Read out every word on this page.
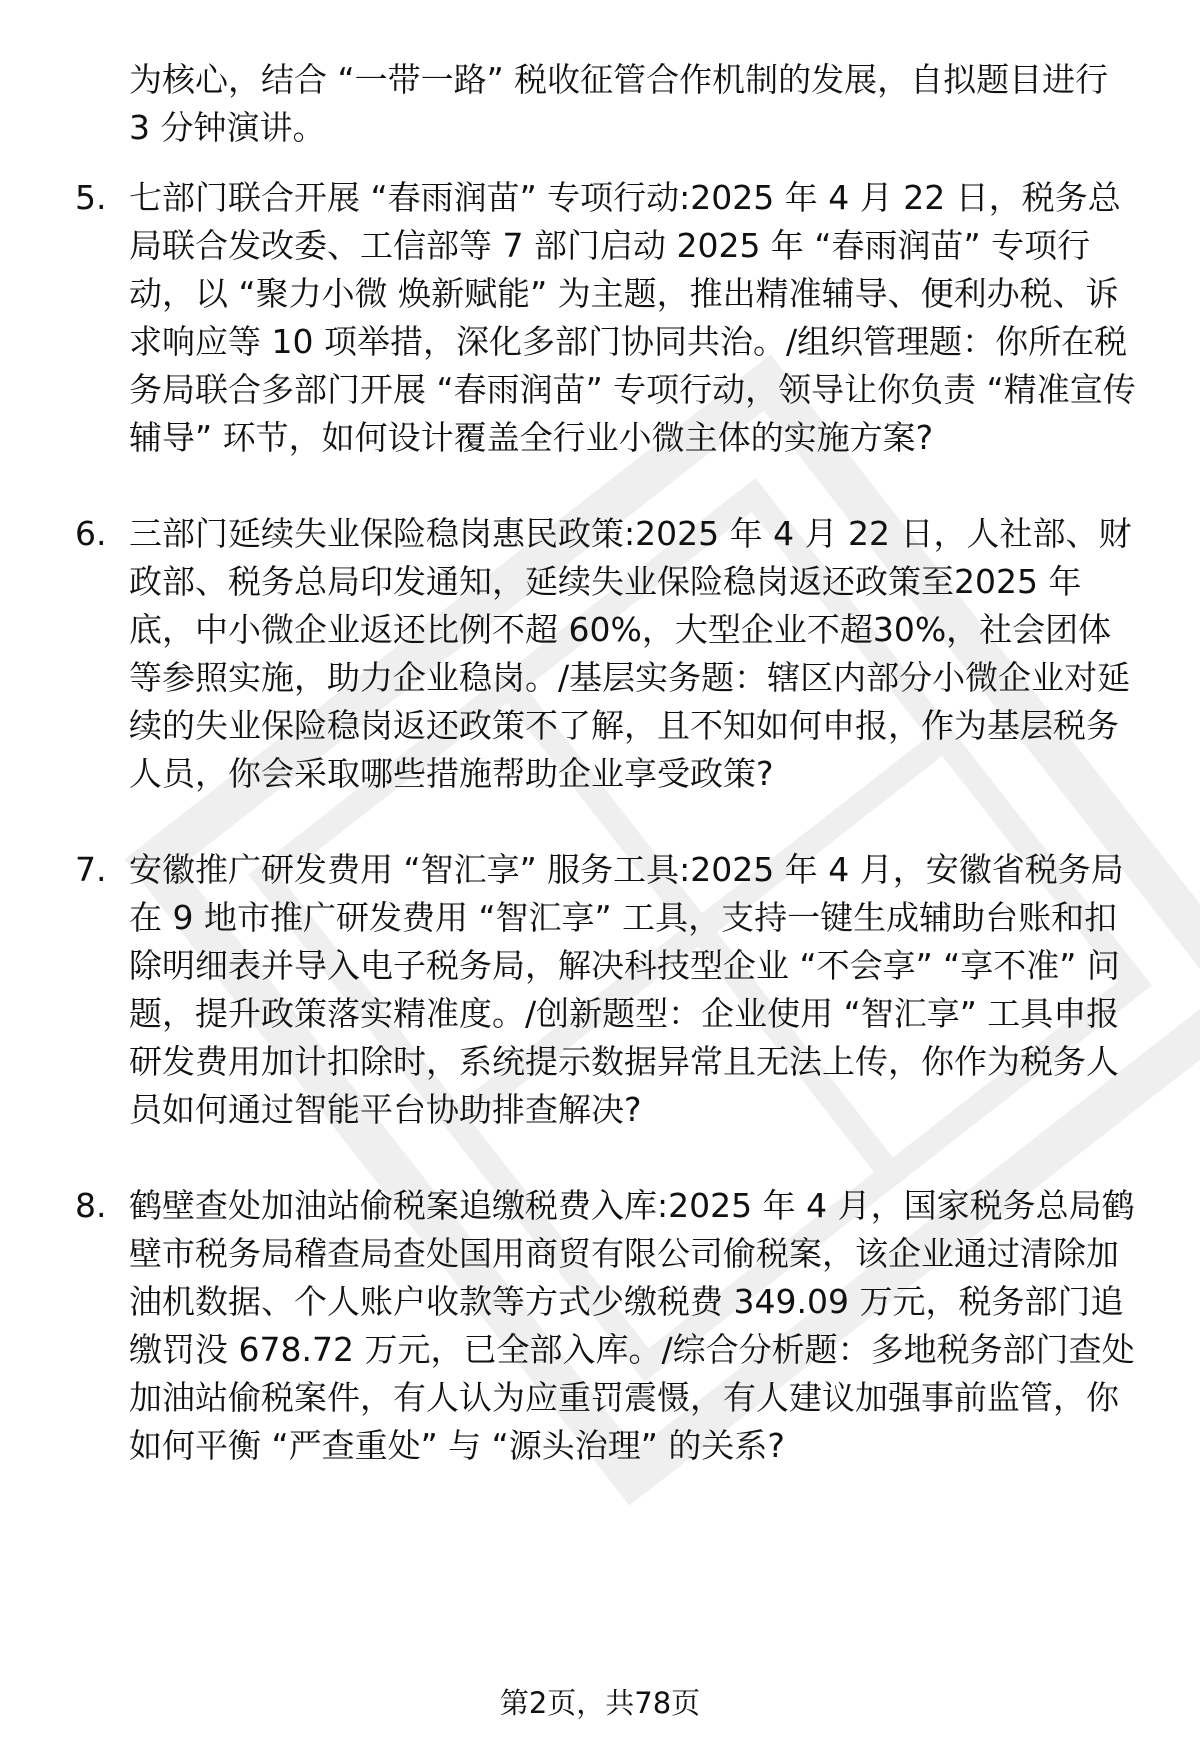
为核心，结合 “一带一路” 税收征管合作机制的发展，自拟题目进行 3 分钟演讲。

5. 七部门联合开展 “春雨润苗” 专项行动:2025 年 4 月 22 日，税务总局联合发改委、工信部等 7 部门启动 2025 年 “春雨润苗” 专项行动，以 “聚力小微 焕新赋能” 为主题，推出精准辅导、便利办税、诉求响应等 10 项举措，深化多部门协同共治。/组织管理题：你所在税务局联合多部门开展 “春雨润苗” 专项行动，领导让你负责 “精准宣传辅导” 环节，如何设计覆盖全行业小微主体的实施方案?

6. 三部门延续失业保险稳岗惠民政策:2025 年 4 月 22 日，人社部、财政部、税务总局印发通知，延续失业保险稳岗返还政策至2025 年底，中小微企业返还比例不超 60%，大型企业不超30%，社会团体等参照实施，助力企业稳岗。/基层实务题：辖区内部分小微企业对延续的失业保险稳岗返还政策不了解，且不知如何申报，作为基层税务人员，你会采取哪些措施帮助企业享受政策?

7. 安徽推广研发费用 “智汇享” 服务工具:2025 年 4 月，安徽省税务局在 9 地市推广研发费用 “智汇享” 工具，支持一键生成辅助台账和扣除明细表并导入电子税务局，解决科技型企业 “不会享” “享不准” 问题，提升政策落实精准度。/创新题型：企业使用 “智汇享” 工具申报研发费用加计扣除时，系统提示数据异常且无法上传，你作为税务人员如何通过智能平台协助排查解决?

8. 鹤壁查处加油站偷税案追缴税费入库:2025 年 4 月，国家税务总局鹤壁市税务局稽查局查处国用商贸有限公司偷税案，该企业通过清除加油机数据、个人账户收款等方式少缴税费 349.09 万元，税务部门追缴罚没 678.72 万元，已全部入库。/综合分析题：多地税务部门查处加油站偷税案件，有人认为应重罚震慑，有人建议加强事前监管，你如何平衡 “严查重处” 与 “源头治理” 的关系?

第2页，共78页
